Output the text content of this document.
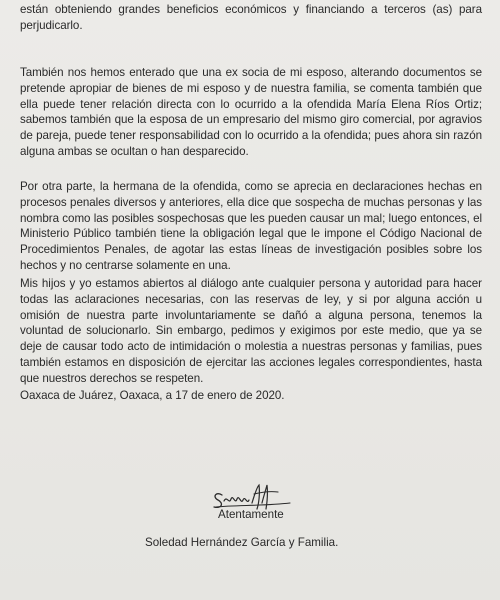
están obteniendo grandes beneficios económicos y financiando a terceros (as) para perjudicarlo.

También nos hemos enterado que una ex socia de mi esposo, alterando documentos se pretende apropiar de bienes de mi esposo y de nuestra familia, se comenta también que ella puede tener relación directa con lo ocurrido a la ofendida María Elena Ríos Ortiz; sabemos también que la esposa de un empresario del mismo giro comercial, por agravios de pareja, puede tener responsabilidad con lo ocurrido a la ofendida; pues ahora sin razón alguna ambas se ocultan o han desparecido.

Por otra parte, la hermana de la ofendida, como se aprecia en declaraciones hechas en procesos penales diversos y anteriores, ella dice que sospecha de muchas personas y las nombra como las posibles sospechosas que les pueden causar un mal; luego entonces, el Ministerio Público también tiene la obligación legal que le impone el Código Nacional de Procedimientos Penales, de agotar las estas líneas de investigación posibles sobre los hechos y no centrarse solamente en una.

Mis hijos y yo estamos abiertos al diálogo ante cualquier persona y autoridad para hacer todas las aclaraciones necesarias, con las reservas de ley, y si por alguna acción u omisión de nuestra parte involuntariamente se dañó a alguna persona, tenemos la voluntad de solucionarlo. Sin embargo, pedimos y exigimos por este medio, que ya se deje de causar todo acto de intimidación o molestia a nuestras personas y familias, pues también estamos en disposición de ejercitar las acciones legales correspondientes, hasta que nuestros derechos se respeten.

Oaxaca de Juárez, Oaxaca, a 17 de enero de 2020.

Atentamente
Soledad Hernández García y Familia.
